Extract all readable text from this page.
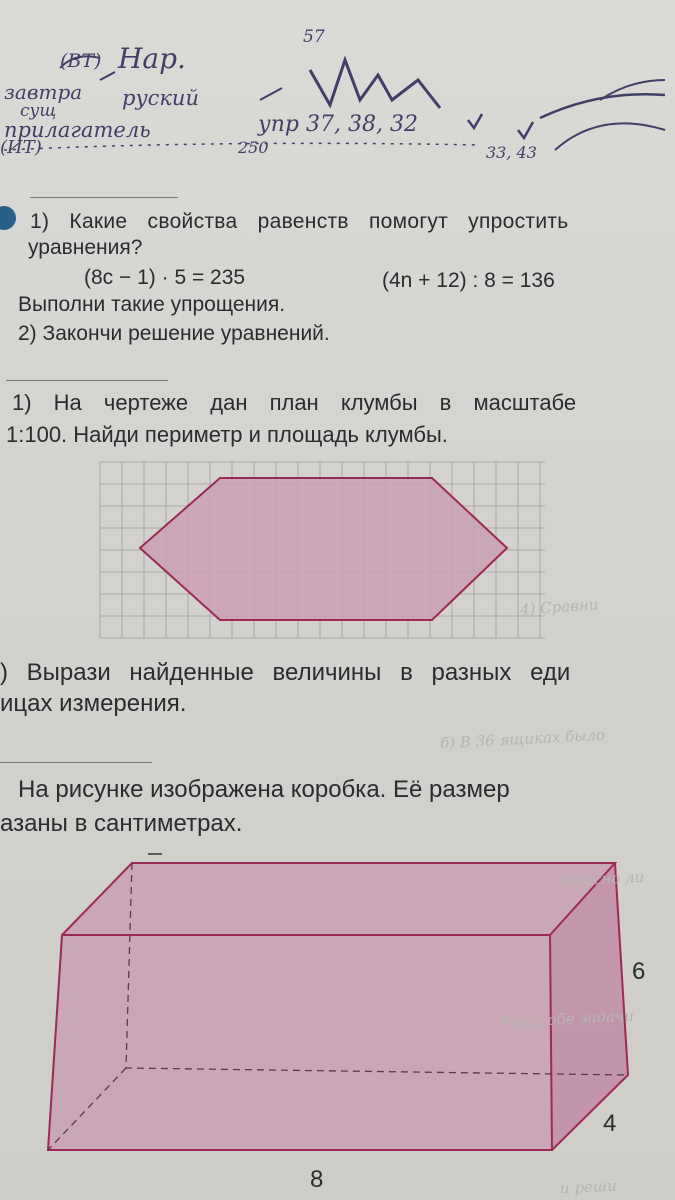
57
(ВТ) Нар.
завтра руский
сущ
упр 37, 38, 32
33, 43
прилагатель
250
(ИТ)
1) Какие свойства равенств помогут упростить
уравнения?
(8с − 1) · 5 = 235	(4n + 12) : 8 = 136
Выполни такие упрощения.
2) Закончи решение уравнений.
1) На чертеже дан план клумбы в масштабе
1:100. Найди периметр и площадь клумбы.
) Вырази найденные величины в разных еди
ицах измерения.
На рисунке изображена коробка. Её размер
азаны в сантиметрах.
6
4
8
4) Сравни
б) В 36 ящиках было
Можно ли
Реши обе задачи
и реши
